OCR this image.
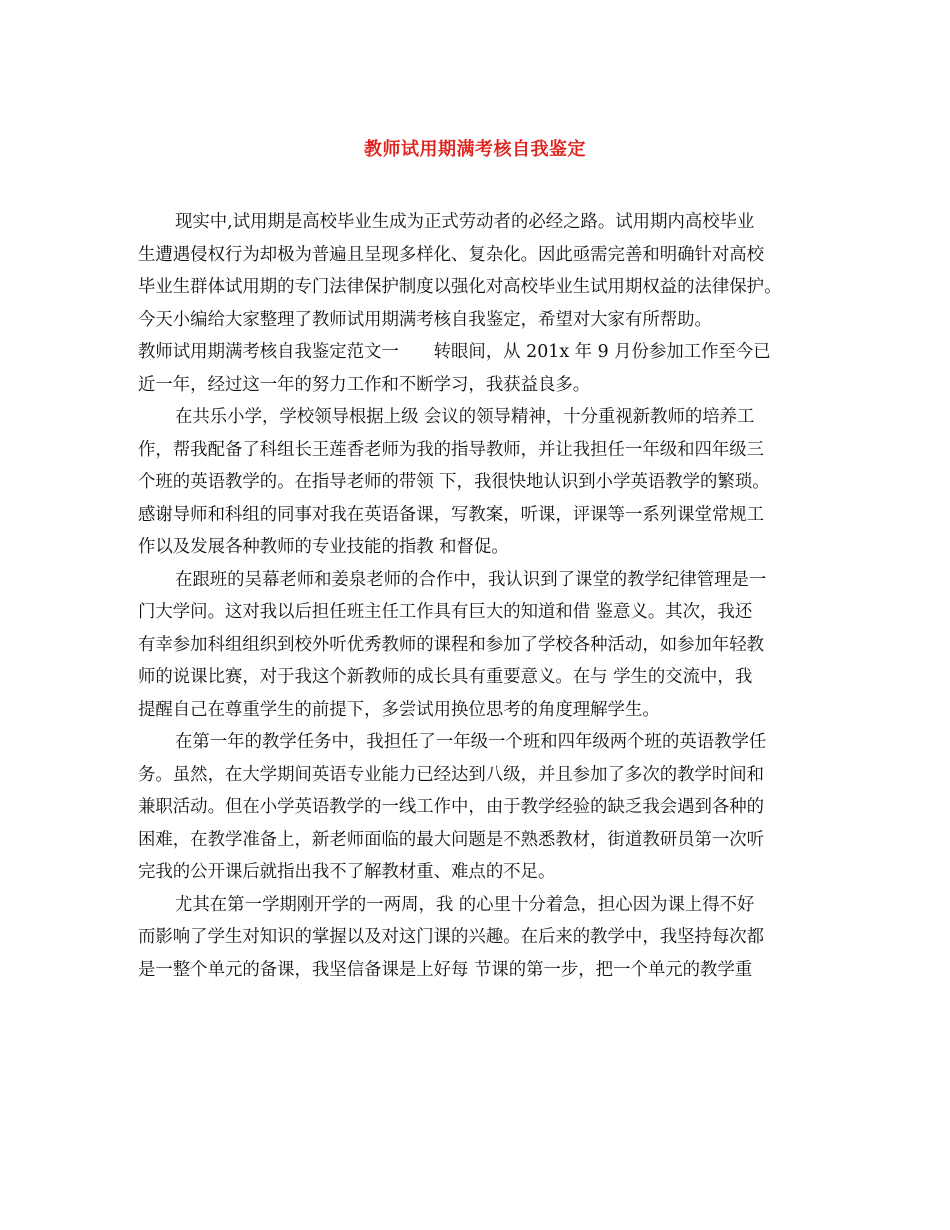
教师试用期满考核自我鉴定
现实中,试用期是高校毕业生成为正式劳动者的必经之路。试用期内高校毕业
生遭遇侵权行为却极为普遍且呈现多样化、复杂化。因此亟需完善和明确针对高校
毕业生群体试用期的专门法律保护制度以强化对高校毕业生试用期权益的法律保护。
今天小编给大家整理了教师试用期满考核自我鉴定，希望对大家有所帮助。
教师试用期满考核自我鉴定范文一　　转眼间，从 201x 年 9 月份参加工作至今已
近一年，经过这一年的努力工作和不断学习，我获益良多。
在共乐小学，学校领导根据上级 会议的领导精神，十分重视新教师的培养工
作，帮我配备了科组长王莲香老师为我的指导教师，并让我担任一年级和四年级三
个班的英语教学的。在指导老师的带领 下，我很快地认识到小学英语教学的繁琐。
感谢导师和科组的同事对我在英语备课，写教案，听课，评课等一系列课堂常规工
作以及发展各种教师的专业技能的指教 和督促。
在跟班的吴幕老师和姜泉老师的合作中，我认识到了课堂的教学纪律管理是一
门大学问。这对我以后担任班主任工作具有巨大的知道和借 鉴意义。其次，我还
有幸参加科组组织到校外听优秀教师的课程和参加了学校各种活动，如参加年轻教
师的说课比赛，对于我这个新教师的成长具有重要意义。在与 学生的交流中，我
提醒自己在尊重学生的前提下，多尝试用换位思考的角度理解学生。
在第一年的教学任务中，我担任了一年级一个班和四年级两个班的英语教学任
务。虽然，在大学期间英语专业能力已经达到八级，并且参加了多次的教学时间和
兼职活动。但在小学英语教学的一线工作中，由于教学经验的缺乏我会遇到各种的
困难，在教学准备上，新老师面临的最大问题是不熟悉教材，街道教研员第一次听
完我的公开课后就指出我不了解教材重、难点的不足。
尤其在第一学期刚开学的一两周，我 的心里十分着急，担心因为课上得不好
而影响了学生对知识的掌握以及对这门课的兴趣。在后来的教学中，我坚持每次都
是一整个单元的备课，我坚信备课是上好每 节课的第一步，把一个单元的教学重
